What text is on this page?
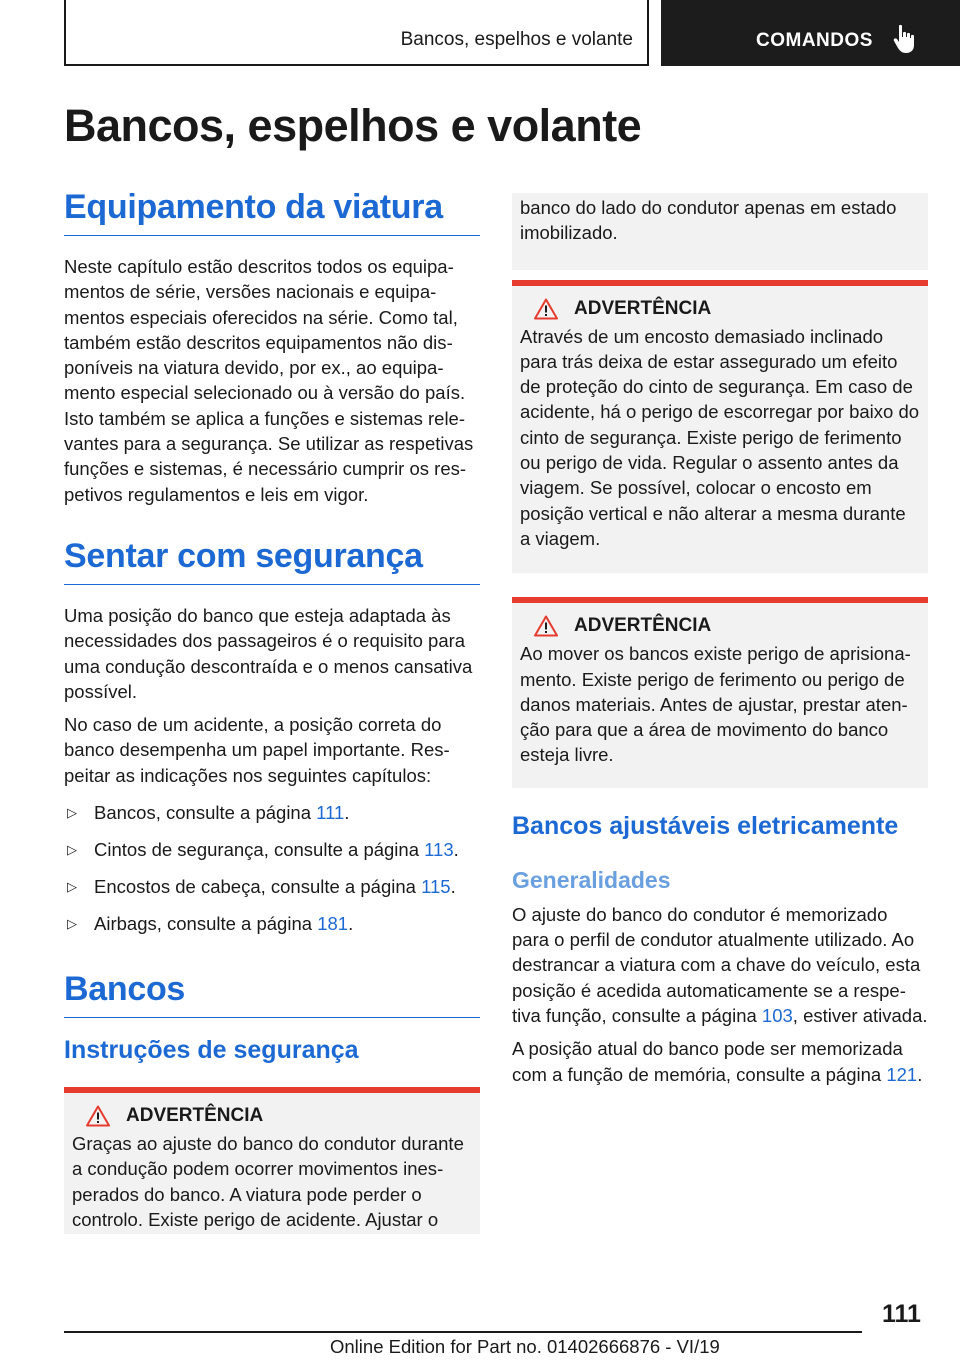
Bancos, espelhos e volante	COMANDOS
Bancos, espelhos e volante
Equipamento da viatura

Neste capítulo estão descritos todos os equipamentos de série, versões nacionais e equipamentos especiais oferecidos na série. Como tal, também estão descritos equipamentos não disponíveis na viatura devido, por ex., ao equipamento especial selecionado ou à versão do país. Isto também se aplica a funções e sistemas relevantes para a segurança. Se utilizar as respetivas funções e sistemas, é necessário cumprir os respetivos regulamentos e leis em vigor.

Sentar com segurança

Uma posição do banco que esteja adaptada às necessidades dos passageiros é o requisito para uma condução descontraída e o menos cansativa possível.

No caso de um acidente, a posição correta do banco desempenha um papel importante. Respeitar as indicações nos seguintes capítulos:

▷ Bancos, consulte a página 111.
▷ Cintos de segurança, consulte a página 113.
▷ Encostos de cabeça, consulte a página 115.
▷ Airbags, consulte a página 181.
Bancos
Instruções de segurança
ADVERTÊNCIA

Graças ao ajuste do banco do condutor durante a condução podem ocorrer movimentos inesperados do banco. A viatura pode perder o controlo. Existe perigo de acidente. Ajustar o

banco do lado do condutor apenas em estado imobilizado.

ADVERTÊNCIA

Através de um encosto demasiado inclinado para trás deixa de estar assegurado um efeito de proteção do cinto de segurança. Em caso de acidente, há o perigo de escorregar por baixo do cinto de segurança. Existe perigo de ferimento ou perigo de vida. Regular o assento antes da viagem. Se possível, colocar o encosto em posição vertical e não alterar a mesma durante a viagem.

ADVERTÊNCIA

Ao mover os bancos existe perigo de aprisionamento. Existe perigo de ferimento ou perigo de danos materiais. Antes de ajustar, prestar atenção para que a área de movimento do banco esteja livre.

Bancos ajustáveis eletricamente
Generalidades

O ajuste do banco do condutor é memorizado para o perfil de condutor atualmente utilizado. Ao destrancar a viatura com a chave do veículo, esta posição é acedida automaticamente se a respetiva função, consulte a página 103, estiver ativada.

A posição atual do banco pode ser memorizada com a função de memória, consulte a página 121.

111
Online Edition for Part no. 01402666876 - VI/19
